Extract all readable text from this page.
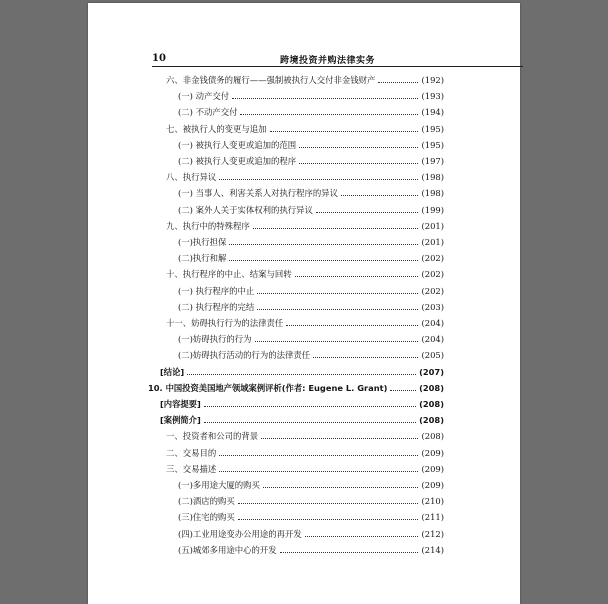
10	跨境投资并购法律实务
六、非金钱债务的履行——强制被执行人交付非金钱财产	(192)
(一) 动产交付	(193)
(二) 不动产交付	(194)
七、被执行人的变更与追加	(195)
(一) 被执行人变更或追加的范围	(195)
(二) 被执行人变更或追加的程序	(197)
八、执行异议	(198)
(一) 当事人、利害关系人对执行程序的异议	(198)
(二) 案外人关于实体权利的执行异议	(199)
九、执行中的特殊程序	(201)
(一)执行担保	(201)
(二)执行和解	(202)
十、执行程序的中止、结案与回转	(202)
(一) 执行程序的中止	(202)
(二) 执行程序的完结	(203)
十一、妨碍执行行为的法律责任	(204)
(一)妨碍执行的行为	(204)
(二)妨碍执行活动的行为的法律责任	(205)
[结论]	(207)
10. 中国投资美国地产领域案例评析(作者: Eugene L. Grant)	(208)
[内容提要]	(208)
[案例简介]	(208)
一、投资者和公司的背景	(208)
二、交易目的	(209)
三、交易描述	(209)
(一)多用途大厦的购买	(209)
(二)酒店的购买	(210)
(三)住宅的购买	(211)
(四)工业用途变办公用途的再开发	(212)
(五)城郊多用途中心的开发	(214)
